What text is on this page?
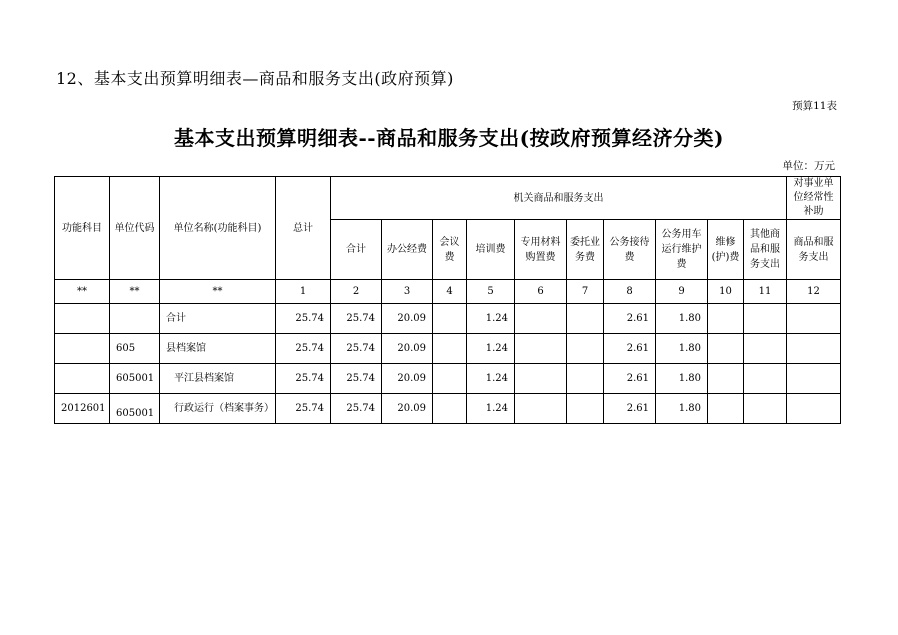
12、基本支出预算明细表—商品和服务支出(政府预算)
预算11表
基本支出预算明细表--商品和服务支出(按政府预算经济分类)
单位：万元
功能科目	单位代码	单位名称(功能科目)	总计	机关商品和服务支出										对事业单位经常性补助
				合计	办公经费	会议费	培训费	专用材料购置费	委托业务费	公务接待费	公务用车运行维护费	维修(护)费	其他商品和服务支出	商品和服务支出
**	**	**	1	2	3	4	5	6	7	8	9	10	11	12
		合计	25.74	25.74	20.09		1.24			2.61	1.80			
	605	县档案馆	25.74	25.74	20.09		1.24			2.61	1.80			
	605001	平江县档案馆	25.74	25.74	20.09		1.24			2.61	1.80			
2012601	605001	行政运行（档案事务）	25.74	25.74	20.09		1.24			2.61	1.80			
